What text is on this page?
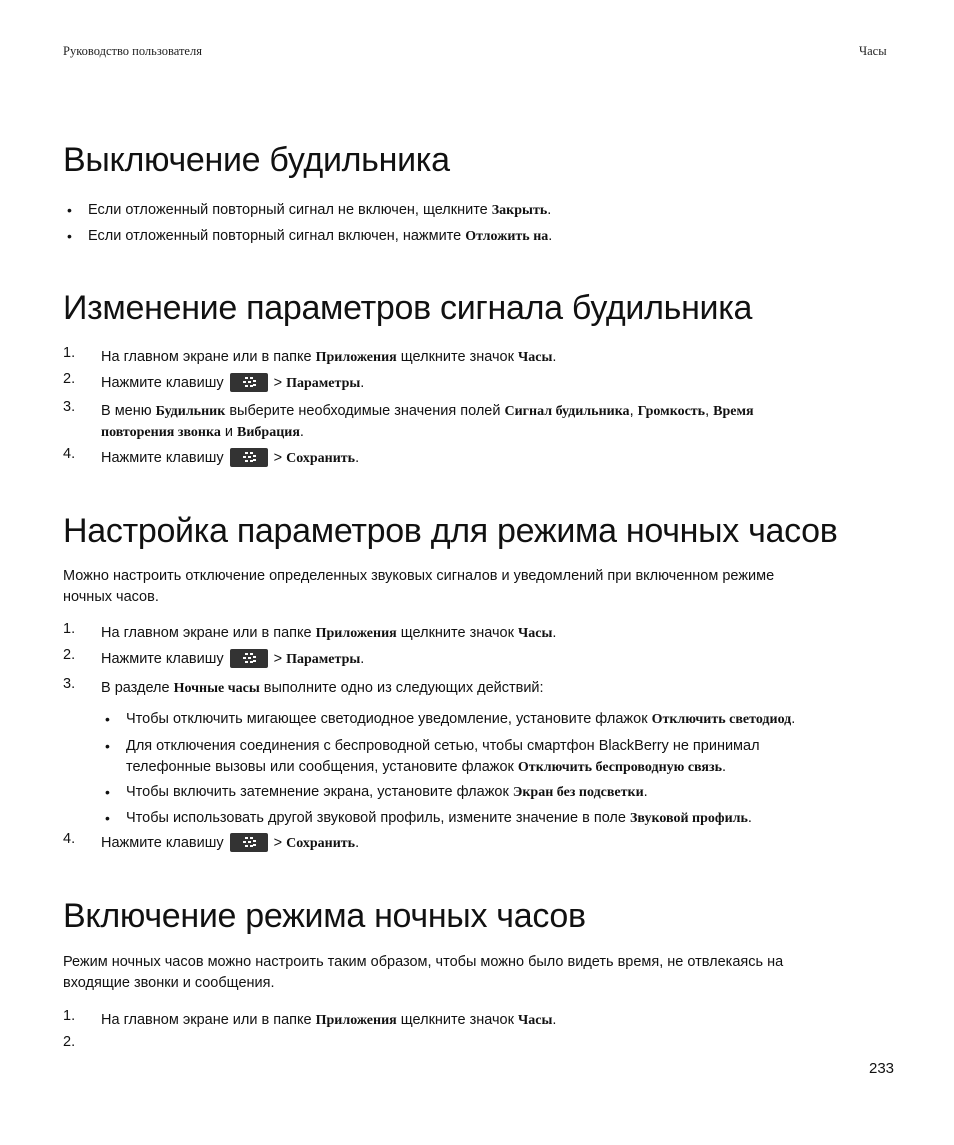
Руководство пользователя	Часы
Выключение будильника
• Если отложенный повторный сигнал не включен, щелкните Закрыть.
• Если отложенный повторный сигнал включен, нажмите Отложить на.
Изменение параметров сигнала будильника
1. На главном экране или в папке Приложения щелкните значок Часы.
2. Нажмите клавишу	> Параметры.
3. В меню Будильник выберите необходимые значения полей Сигнал будильника, Громкость, Время
повторения звонка и Вибрация.
4. Нажмите клавишу	> Сохранить.
Настройка параметров для режима ночных часов
Можно настроить отключение определенных звуковых сигналов и уведомлений при включенном режиме
ночных часов.
1. На главном экране или в папке Приложения щелкните значок Часы.
2. Нажмите клавишу	> Параметры.
3. В разделе Ночные часы выполните одно из следующих действий:
• Чтобы отключить мигающее светодиодное уведомление, установите флажок Отключить светодиод.
• Для отключения соединения с беспроводной сетью, чтобы смартфон BlackBerry не принимал
телефонные вызовы или сообщения, установите флажок Отключить беспроводную связь.
• Чтобы включить затемнение экрана, установите флажок Экран без подсветки.
• Чтобы использовать другой звуковой профиль, измените значение в поле Звуковой профиль.
4. Нажмите клавишу	> Сохранить.
Включение режима ночных часов
Режим ночных часов можно настроить таким образом, чтобы можно было видеть время, не отвлекаясь на
входящие звонки и сообщения.
1. На главном экране или в папке Приложения щелкните значок Часы.
2.
233
